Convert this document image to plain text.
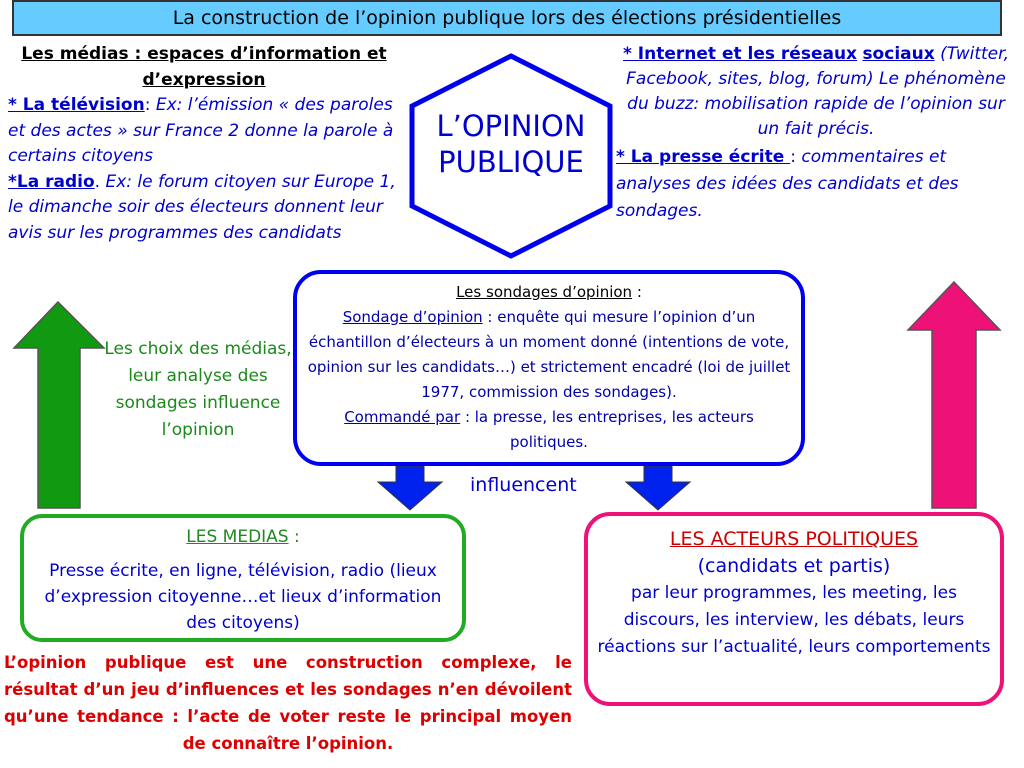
La construction de l’opinion publique lors des élections présidentielles
Les médias : espaces d’information et d’expression
* La télévision: Ex: l’émission « des paroles et des actes » sur France 2 donne la parole à certains citoyens
*La radio. Ex: le forum citoyen sur Europe 1, le dimanche soir des électeurs donnent leur avis sur les programmes des candidats
* Internet et les réseaux sociaux (Twitter, Facebook, sites, blog, forum) Le phénomène du buzz: mobilisation rapide de l’opinion sur un fait précis.
* La presse écrite : commentaires et analyses des idées des candidats et des sondages.
L’OPINION
PUBLIQUE
Les sondages d’opinion :
Sondage d’opinion : enquête qui mesure l’opinion d’un échantillon d’électeurs à un moment donné (intentions de vote, opinion sur les candidats…) et strictement encadré (loi de juillet 1977, commission des sondages).
Commandé par : la presse, les entreprises, les acteurs politiques.
Les choix des médias, leur analyse des sondages influence l’opinion
influencent
LES MEDIAS :
Presse écrite, en ligne, télévision, radio (lieux d’expression citoyenne…et lieux d’information des citoyens)
LES ACTEURS POLITIQUES
(candidats et partis)
par leur programmes, les meeting, les discours, les interview, les débats, leurs réactions sur l’actualité, leurs comportements
L’opinion publique est une construction complexe, le résultat d’un jeu d’influences et les sondages n’en dévoilent qu’une tendance : l’acte de voter reste le principal moyen de connaître l’opinion.
